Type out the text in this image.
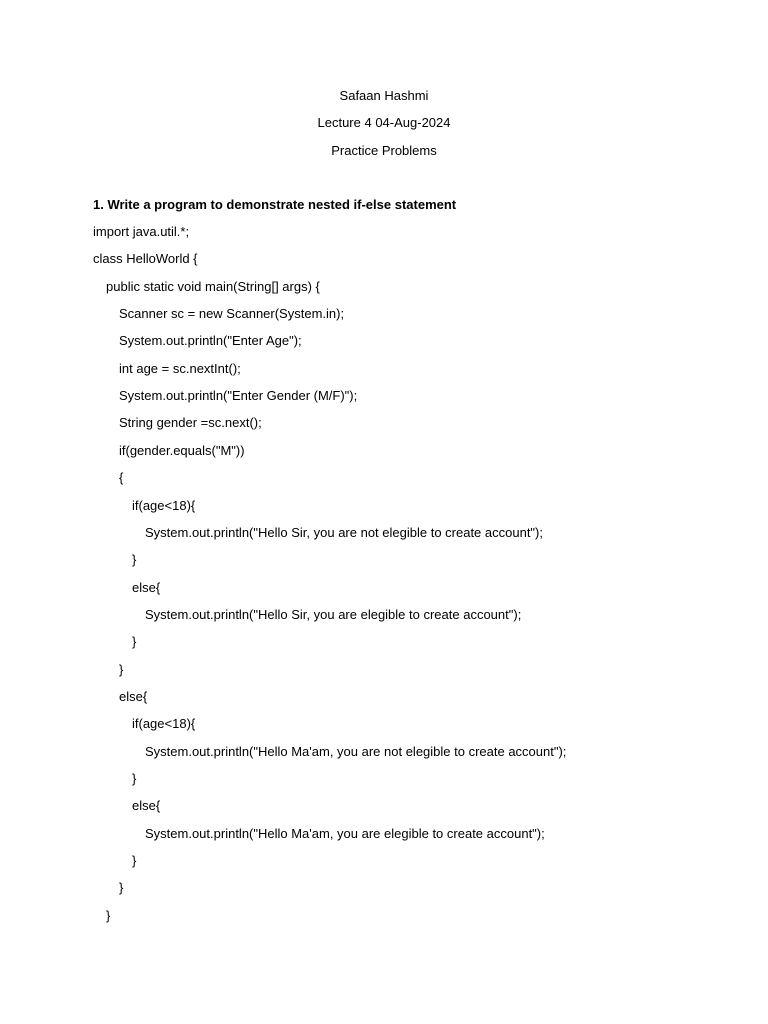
Safaan Hashmi
Lecture 4 04-Aug-2024
Practice Problems
1. Write a program to demonstrate nested if-else statement
import java.util.*;
class HelloWorld {
public static void main(String[] args) {
Scanner sc = new Scanner(System.in);
System.out.println("Enter Age");
int age = sc.nextInt();
System.out.println("Enter Gender (M/F)");
String gender =sc.next();
if(gender.equals("M"))
{
if(age<18){
System.out.println("Hello Sir, you are not elegible to create account");
}
else{
System.out.println("Hello Sir, you are elegible to create account");
}
}
else{
if(age<18){
System.out.println("Hello Ma'am, you are not elegible to create account");
}
else{
System.out.println("Hello Ma'am, you are elegible to create account");
}
}
}
